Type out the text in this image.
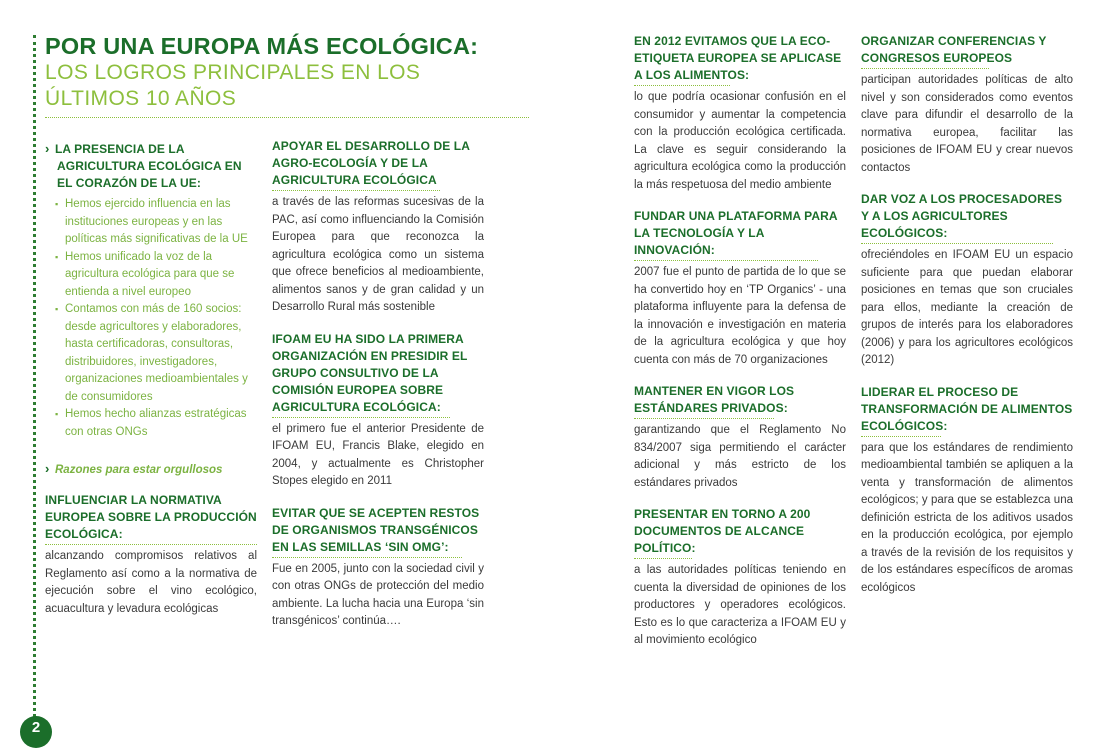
2
POR UNA EUROPA MÁS ECOLÓGICA:
LOS LOGROS PRINCIPALES EN LOS
ÚLTIMOS 10 AÑOS
› LA PRESENCIA DE LA AGRICULTURA ECOLÓGICA EN EL CORAZÓN DE LA UE:
▪ Hemos ejercido influencia en las instituciones europeas y en las políticas más significativas de la UE
▪ Hemos unificado la voz de la agricultura ecológica para que se entienda a nivel europeo
▪ Contamos con más de 160 socios: desde agricultores y elaboradores, hasta certificadoras, consultoras, distribuidores, investigadores, organizaciones medioambientales y de consumidores
▪ Hemos hecho alianzas estratégicas con otras ONGs
› Razones para estar orgullosos
INFLUENCIAR LA NORMATIVA EUROPEA SOBRE LA PRODUCCIÓN ECOLÓGICA:

alcanzando compromisos relativos al Reglamento así como a la normativa de ejecución sobre el vino ecológico, acuacultura y levadura ecológicas

APOYAR EL DESARROLLO DE LA AGRO-ECOLOGÍA Y DE LA AGRICULTURA ECOLÓGICA

a través de las reformas sucesivas de la PAC, así como influenciando la Comisión Europea para que reconozca la agricultura ecológica como un sistema que ofrece beneficios al medioambiente, alimentos sanos y de gran calidad y un Desarrollo Rural más sostenible

IFOAM EU HA SIDO LA PRIMERA ORGANIZACIÓN EN PRESIDIR EL GRUPO CONSULTIVO DE LA COMISIÓN EUROPEA SOBRE AGRICULTURA ECOLÓGICA:

el primero fue el anterior Presidente de IFOAM EU, Francis Blake, elegido en 2004, y actualmente es Christopher Stopes elegido en 2011

EVITAR QUE SE ACEPTEN RESTOS DE ORGANISMOS TRANSGÉNICOS EN LAS SEMILLAS ‘SIN OMG’:

Fue en 2005, junto con la sociedad civil y con otras ONGs de protección del medio ambiente. La lucha hacia una Europa ‘sin transgénicos’ continúa….

EN 2012 EVITAMOS QUE LA ECO-ETIQUETA EUROPEA SE APLICASE A LOS ALIMENTOS:

lo que podría ocasionar confusión en el consumidor y aumentar la competencia con la producción ecológica certificada. La clave es seguir considerando la agricultura ecológica como la producción la más respetuosa del medio ambiente

FUNDAR UNA PLATAFORMA PARA LA TECNOLOGÍA Y LA INNOVACIÓN:

2007 fue el punto de partida de lo que se ha convertido hoy en ‘TP Organics’ - una plataforma influyente para la defensa de la innovación e investigación en materia de la agricultura ecológica y que hoy cuenta con más de 70 organizaciones

MANTENER EN VIGOR LOS ESTÁNDARES PRIVADOS:

garantizando que el Reglamento No 834/2007 siga permitiendo el carácter adicional y más estricto de los estándares privados

PRESENTAR EN TORNO A 200 DOCUMENTOS DE ALCANCE POLÍTICO:

a las autoridades políticas teniendo en cuenta la diversidad de opiniones de los productores y operadores ecológicos. Esto es lo que caracteriza a IFOAM EU y al movimiento ecológico

ORGANIZAR CONFERENCIAS Y CONGRESOS EUROPEOS

participan autoridades políticas de alto nivel y son considerados como eventos clave para difundir el desarrollo de la normativa europea, facilitar las posiciones de IFOAM EU y crear nuevos contactos

DAR VOZ A LOS PROCESADORES Y A LOS AGRICULTORES ECOLÓGICOS:

ofreciéndoles en IFOAM EU un espacio suficiente para que puedan elaborar posiciones en temas que son cruciales para ellos, mediante la creación de grupos de interés para los elaboradores (2006) y para los agricultores ecológicos (2012)

LIDERAR EL PROCESO DE TRANSFORMACIÓN DE ALIMENTOS ECOLÓGICOS:

para que los estándares de rendimiento medioambiental también se apliquen a la venta y transformación de alimentos ecológicos; y para que se establezca una definición estricta de los aditivos usados en la producción ecológica, por ejemplo a través de la revisión de los requisitos y de los estándares específicos de aromas ecológicos
